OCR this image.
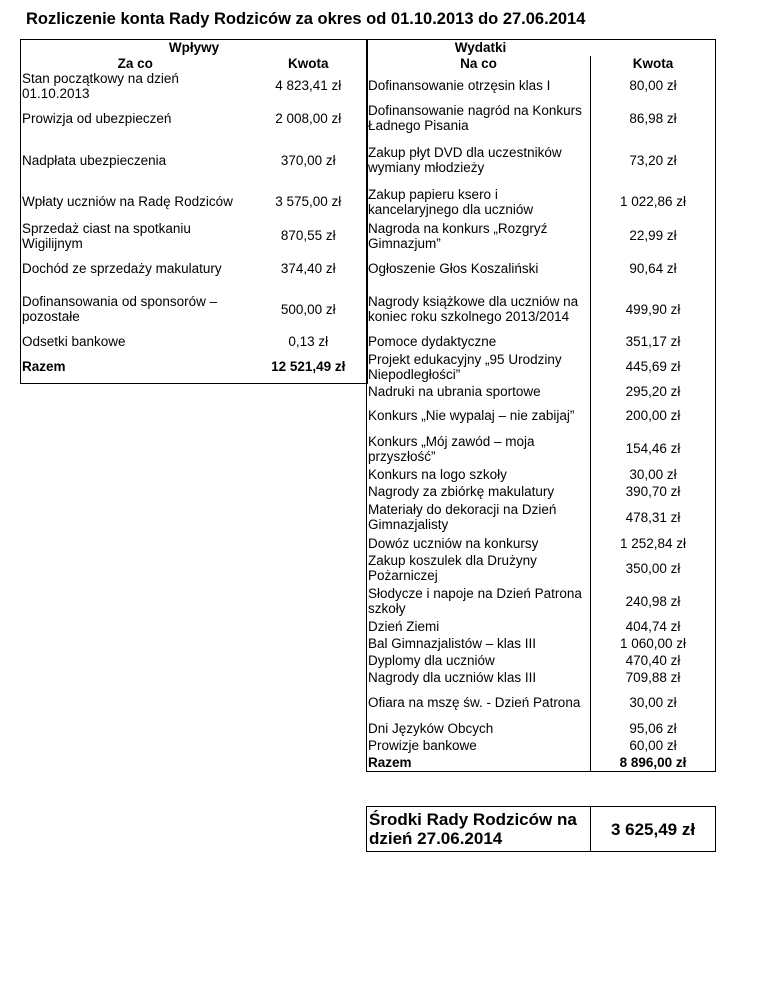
Rozliczenie konta Rady Rodziców za okres od 01.10.2013 do 27.06.2014
Wpływy	
Za co	Kwota
Stan początkowy na dzień 01.10.2013	4 823,41 zł
Prowizja od ubezpieczeń	2 008,00 zł
Nadpłata ubezpieczenia	370,00 zł
Wpłaty uczniów na Radę Rodziców	3 575,00 zł
Sprzedaż ciast na spotkaniu Wigilijnym	870,55 zł
Dochód ze sprzedaży makulatury	374,40 zł
Dofinansowania od sponsorów – pozostałe	500,00 zł
Odsetki bankowe	0,13 zł
Razem	12 521,49 zł
Wydatki	
Na co	Kwota
Dofinansowanie otrzęsin klas I	80,00 zł
Dofinansowanie nagród na Konkurs Ładnego Pisania	86,98 zł
Zakup płyt DVD dla uczestników wymiany młodzieży	73,20 zł
Zakup papieru ksero i kancelaryjnego dla uczniów	1 022,86 zł
Nagroda na konkurs „Rozgryź Gimnazjum”	22,99 zł
Ogłoszenie Głos Koszaliński	90,64 zł
Nagrody książkowe dla uczniów na koniec roku szkolnego 2013/2014	499,90 zł
Pomoce dydaktyczne	351,17 zł
Projekt edukacyjny „95 Urodziny Niepodległości”	445,69 zł
Nadruki na ubrania sportowe	295,20 zł
Konkurs „Nie wypalaj – nie zabijaj”	200,00 zł
Konkurs „Mój zawód – moja przyszłość”	154,46 zł
Konkurs na logo szkoły	30,00 zł
Nagrody za zbiórkę makulatury	390,70 zł
Materiały do dekoracji na Dzień Gimnazjalisty	478,31 zł
Dowóz uczniów na konkursy	1 252,84 zł
Zakup koszulek dla Drużyny Pożarniczej	350,00 zł
Słodycze i napoje na Dzień Patrona szkoły	240,98 zł
Dzień Ziemi	404,74 zł
Bal Gimnazjalistów – klas III	1 060,00 zł
Dyplomy dla uczniów	470,40 zł
Nagrody dla uczniów klas III	709,88 zł
Ofiara na mszę św. - Dzień Patrona	30,00 zł
Dni Języków Obcych	95,06 zł
Prowizje bankowe	60,00 zł
Razem	8 896,00 zł
Środki Rady Rodziców na dzień 27.06.2014	3 625,49 zł
